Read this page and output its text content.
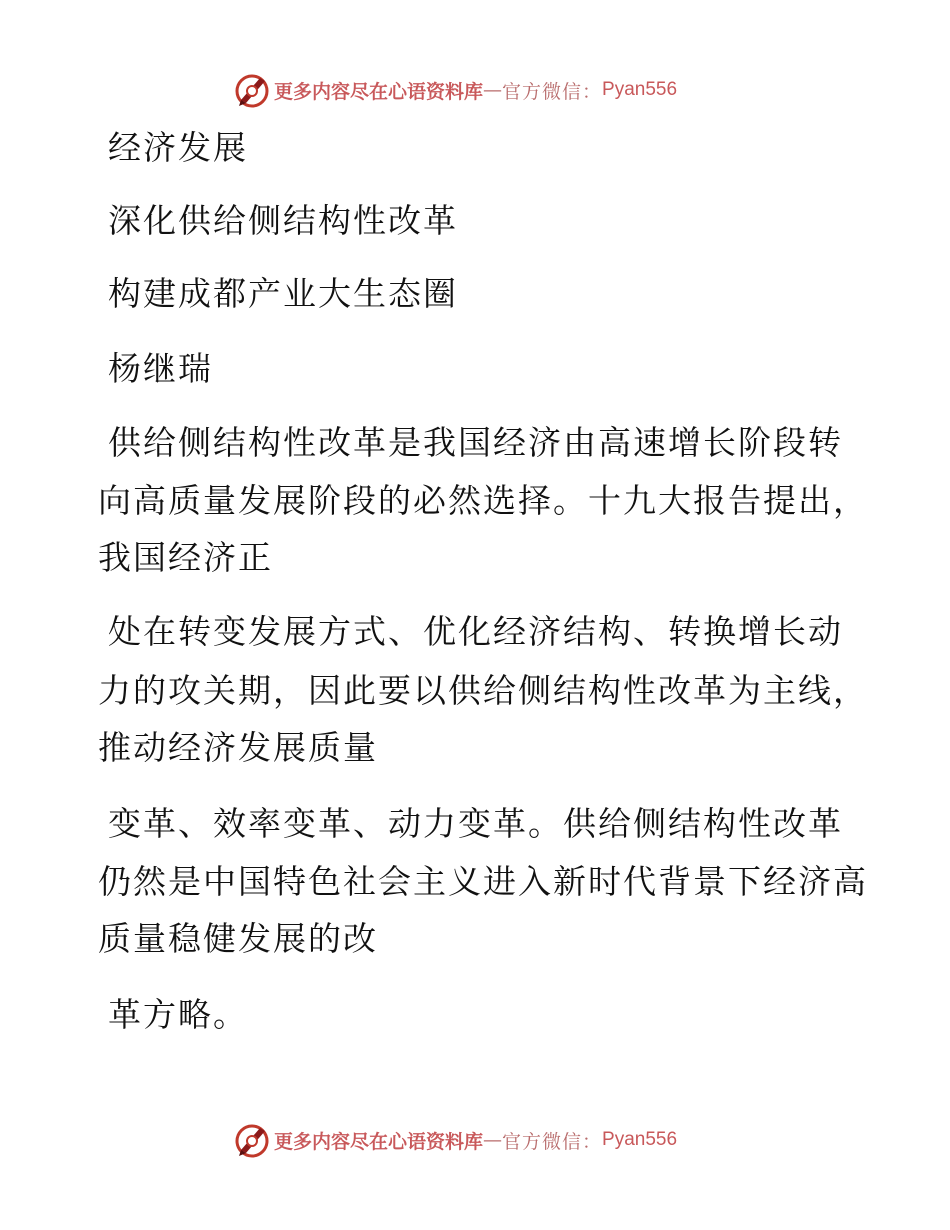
更多内容尽在心语资料库 — 官方微信： Pyan556

经济发展

深化供给侧结构性改革

构建成都产业大生态圈

杨继瑞

供给侧结构性改革是我国经济由高速增长阶段转

向高质量发展阶段的必然选择。十九大报告提出，

我国经济正

处在转变发展方式、优化经济结构、转换增长动

力的攻关期，因此要以供给侧结构性改革为主线，

推动经济发展质量

变革、效率变革、动力变革。供给侧结构性改革

仍然是中国特色社会主义进入新时代背景下经济高

质量稳健发展的改

革方略。

更多内容尽在心语资料库 — 官方微信： Pyan556
